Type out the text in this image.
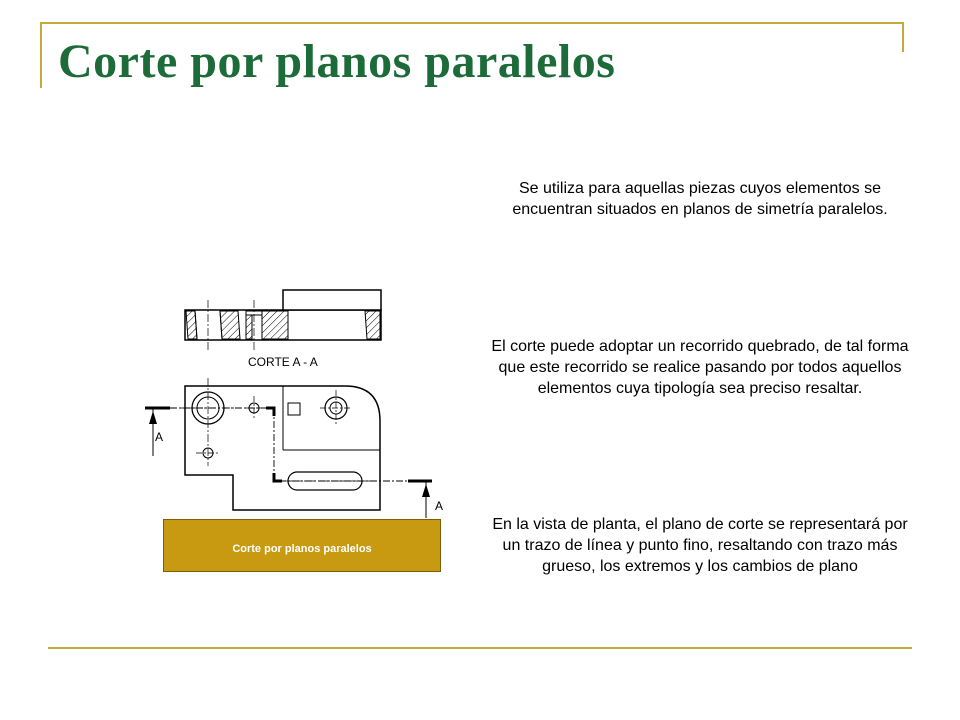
Corte por planos paralelos

Se utiliza para aquellas piezas cuyos elementos se encuentran situados en planos de simetría paralelos.

El corte puede adoptar un recorrido quebrado, de tal forma que este recorrido se realice pasando por todos aquellos elementos cuya tipología sea preciso resaltar.

En la vista de planta, el plano de corte se representará por un trazo de línea y punto fino, resaltando con trazo más grueso, los extremos y los cambios de plano

CORTE A - A
A
A
Corte por planos paralelos
